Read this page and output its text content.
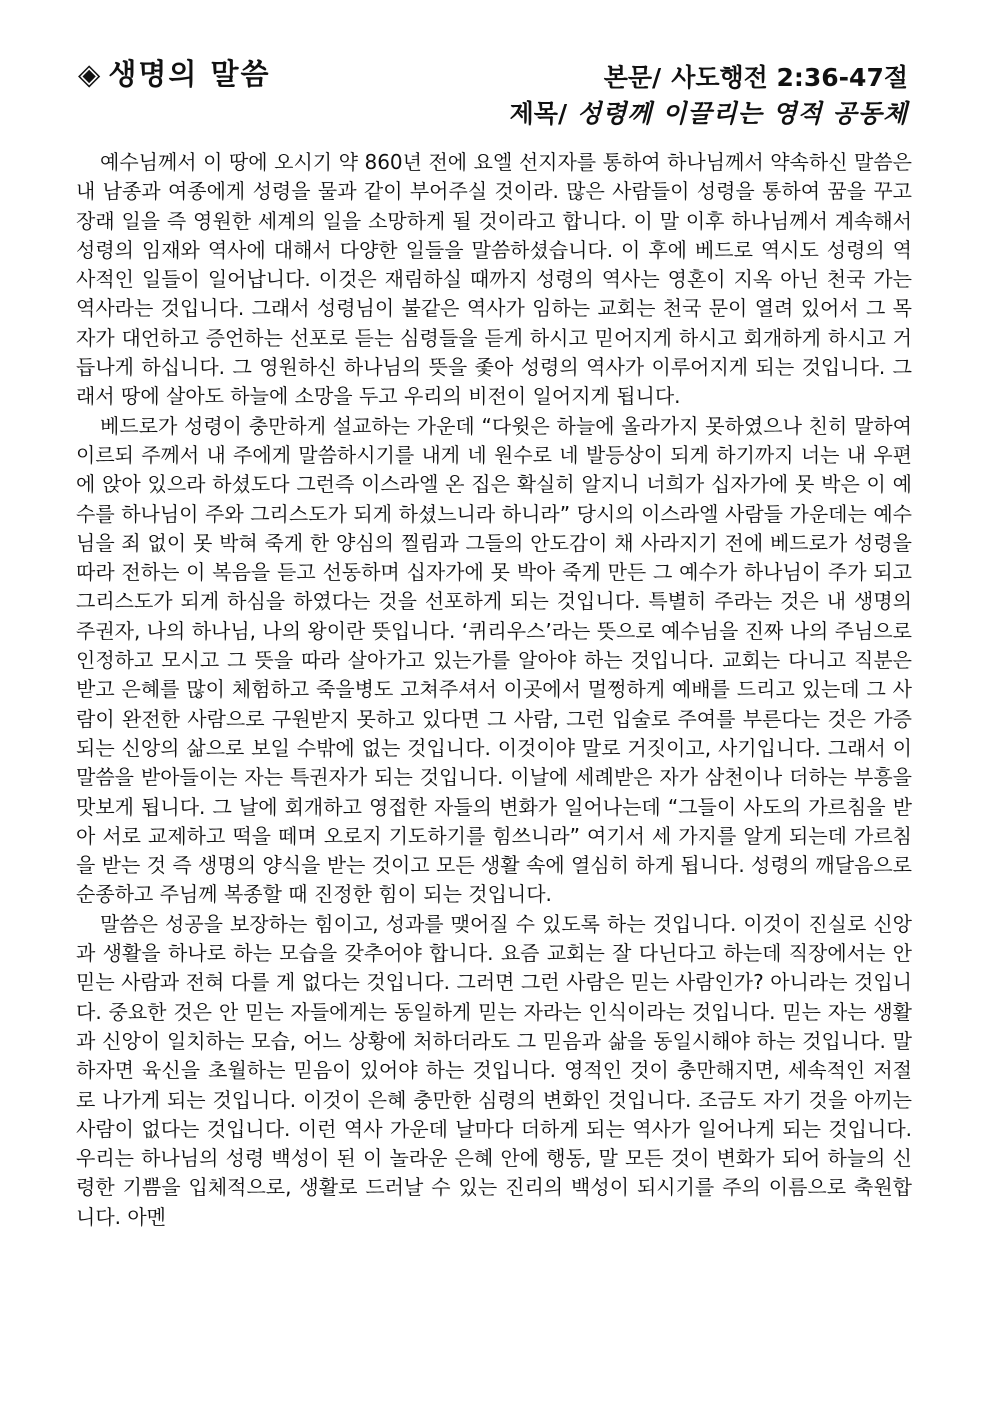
◈ 생명의 말씀	본문/ 사도행전 2:36-47절
제목/ 성령께 이끌리는 영적 공동체

예수님께서 이 땅에 오시기 약 860년 전에 요엘 선지자를 통하여 하나님께서 약속하신 말씀은 내 남종과 여종에게 성령을 물과 같이 부어주실 것이라. 많은 사람들이 성령을 통하여 꿈을 꾸고 장래 일을 즉 영원한 세계의 일을 소망하게 될 것이라고 합니다. 이 말 이후 하나님께서 계속해서 성령의 임재와 역사에 대해서 다양한 일들을 말씀하셨습니다. 이 후에 베드로 역시도 성령의 역사적인 일들이 일어납니다. 이것은 재림하실 때까지 성령의 역사는 영혼이 지옥 아닌 천국 가는 역사라는 것입니다. 그래서 성령님이 불같은 역사가 임하는 교회는 천국 문이 열려 있어서 그 목자가 대언하고 증언하는 선포로 듣는 심령들을 듣게 하시고 믿어지게 하시고 회개하게 하시고 거듭나게 하십니다. 그 영원하신 하나님의 뜻을 좇아 성령의 역사가 이루어지게 되는 것입니다. 그래서 땅에 살아도 하늘에 소망을 두고 우리의 비전이 일어지게 됩니다.

베드로가 성령이 충만하게 설교하는 가운데 “다윗은 하늘에 올라가지 못하였으나 친히 말하여 이르되 주께서 내 주에게 말씀하시기를 내게 네 원수로 네 발등상이 되게 하기까지 너는 내 우편에 앉아 있으라 하셨도다 그런즉 이스라엘 온 집은 확실히 알지니 너희가 십자가에 못 박은 이 예수를 하나님이 주와 그리스도가 되게 하셨느니라 하니라” 당시의 이스라엘 사람들 가운데는 예수님을 죄 없이 못 박혀 죽게 한 양심의 찔림과 그들의 안도감이 채 사라지기 전에 베드로가 성령을 따라 전하는 이 복음을 듣고 선동하며 십자가에 못 박아 죽게 만든 그 예수가 하나님이 주가 되고 그리스도가 되게 하심을 하였다는 것을 선포하게 되는 것입니다. 특별히 주라는 것은 내 생명의 주권자, 나의 하나님, 나의 왕이란 뜻입니다. ‘퀴리우스’라는 뜻으로 예수님을 진짜 나의 주님으로 인정하고 모시고 그 뜻을 따라 살아가고 있는가를 알아야 하는 것입니다. 교회는 다니고 직분은 받고 은혜를 많이 체험하고 죽을병도 고쳐주셔서 이곳에서 멀쩡하게 예배를 드리고 있는데 그 사람이 완전한 사람으로 구원받지 못하고 있다면 그 사람, 그런 입술로 주여를 부른다는 것은 가증되는 신앙의 삶으로 보일 수밖에 없는 것입니다. 이것이야 말로 거짓이고, 사기입니다. 그래서 이 말씀을 받아들이는 자는 특권자가 되는 것입니다. 이날에 세례받은 자가 삼천이나 더하는 부흥을 맛보게 됩니다. 그 날에 회개하고 영접한 자들의 변화가 일어나는데 “그들이 사도의 가르침을 받아 서로 교제하고 떡을 떼며 오로지 기도하기를 힘쓰니라” 여기서 세 가지를 알게 되는데 가르침을 받는 것 즉 생명의 양식을 받는 것이고 모든 생활 속에 열심히 하게 됩니다. 성령의 깨달음으로 순종하고 주님께 복종할 때 진정한 힘이 되는 것입니다.

말씀은 성공을 보장하는 힘이고, 성과를 맺어질 수 있도록 하는 것입니다. 이것이 진실로 신앙과 생활을 하나로 하는 모습을 갖추어야 합니다. 요즘 교회는 잘 다닌다고 하는데 직장에서는 안 믿는 사람과 전혀 다를 게 없다는 것입니다. 그러면 그런 사람은 믿는 사람인가? 아니라는 것입니다. 중요한 것은 안 믿는 자들에게는 동일하게 믿는 자라는 인식이라는 것입니다. 믿는 자는 생활과 신앙이 일치하는 모습, 어느 상황에 처하더라도 그 믿음과 삶을 동일시해야 하는 것입니다. 말하자면 육신을 초월하는 믿음이 있어야 하는 것입니다. 영적인 것이 충만해지면, 세속적인 저절로 나가게 되는 것입니다. 이것이 은혜 충만한 심령의 변화인 것입니다. 조금도 자기 것을 아끼는 사람이 없다는 것입니다. 이런 역사 가운데 날마다 더하게 되는 역사가 일어나게 되는 것입니다. 우리는 하나님의 성령 백성이 된 이 놀라운 은혜 안에 행동, 말 모든 것이 변화가 되어 하늘의 신령한 기쁨을 입체적으로, 생활로 드러날 수 있는 진리의 백성이 되시기를 주의 이름으로 축원합니다. 아멘
